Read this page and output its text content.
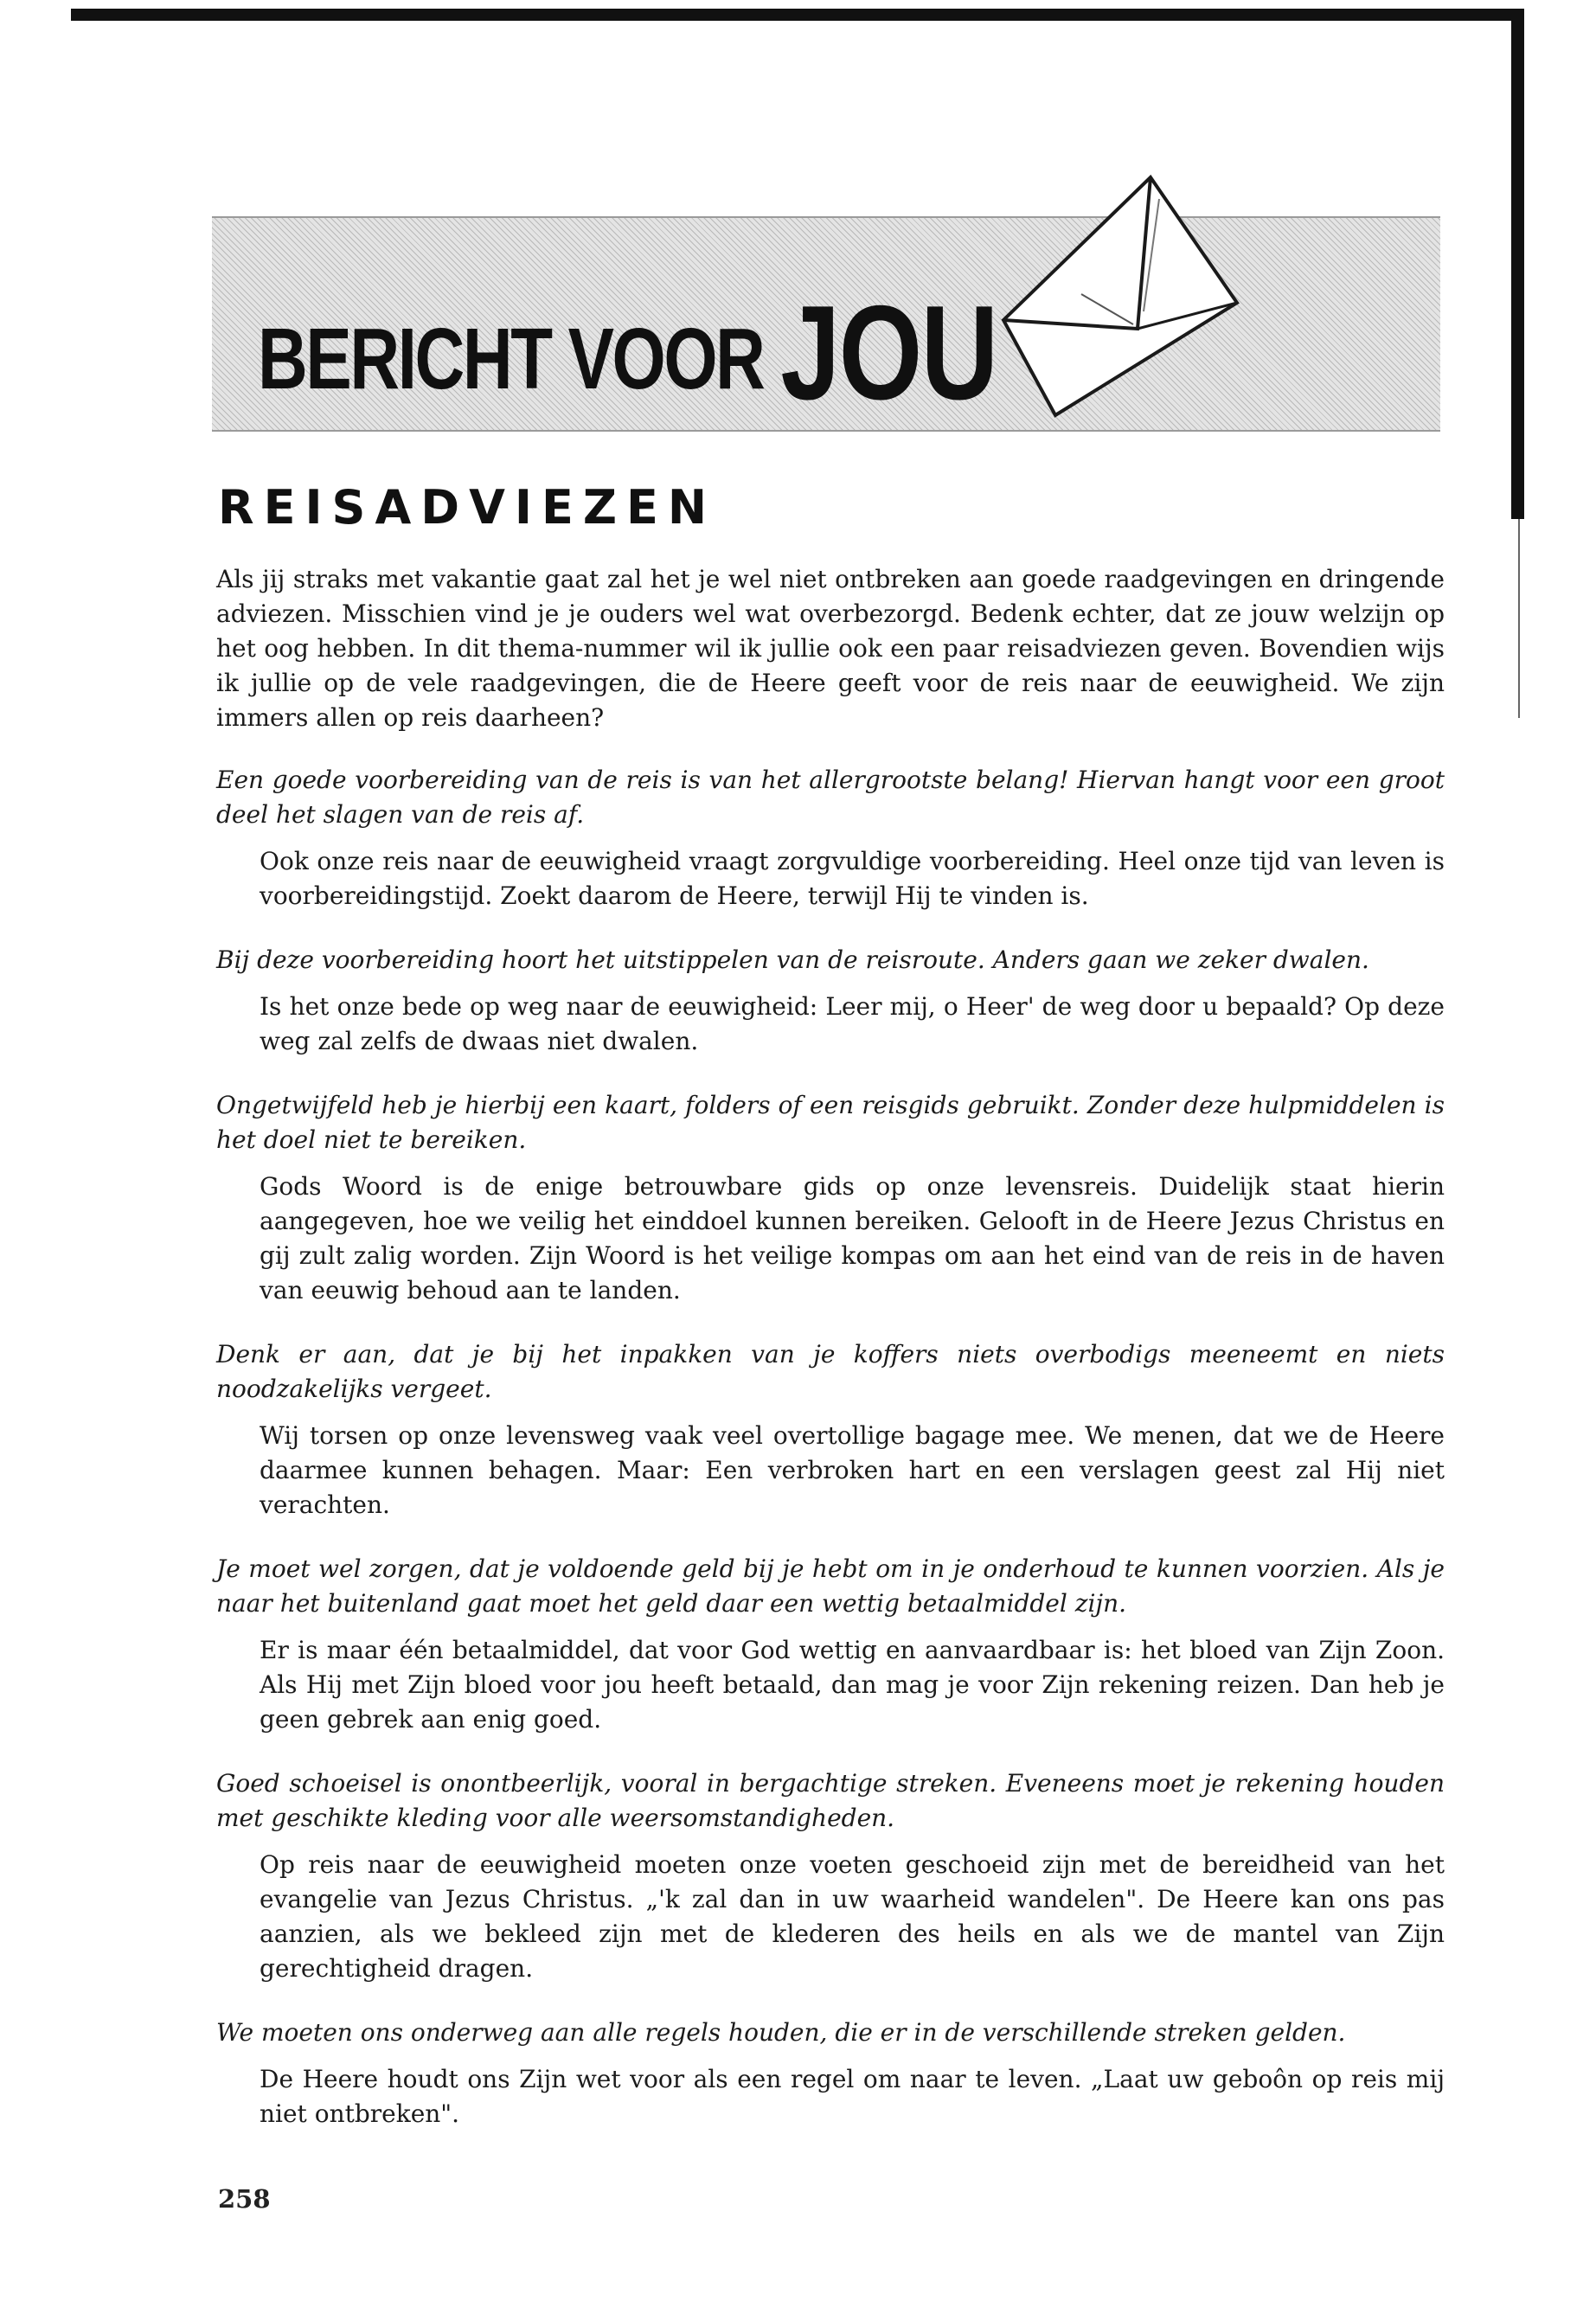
BERICHT VOOR JOU

REISADVIEZEN

Als jij straks met vakantie gaat zal het je wel niet ontbreken aan goede raadgevingen en dringende adviezen. Misschien vind je je ouders wel wat overbezorgd. Bedenk echter, dat ze jouw welzijn op het oog hebben. In dit thema-nummer wil ik jullie ook een paar reisadviezen geven. Bovendien wijs ik jullie op de vele raadgevingen, die de Heere geeft voor de reis naar de eeuwigheid. We zijn immers allen op reis daarheen?

Een goede voorbereiding van de reis is van het allergrootste belang! Hiervan hangt voor een groot deel het slagen van de reis af.

Ook onze reis naar de eeuwigheid vraagt zorgvuldige voorbereiding. Heel onze tijd van leven is voorbereidingstijd. Zoekt daarom de Heere, terwijl Hij te vinden is.

Bij deze voorbereiding hoort het uitstippelen van de reisroute. Anders gaan we zeker dwalen.

Is het onze bede op weg naar de eeuwigheid: Leer mij, o Heer' de weg door u bepaald? Op deze weg zal zelfs de dwaas niet dwalen.

Ongetwijfeld heb je hierbij een kaart, folders of een reisgids gebruikt. Zonder deze hulpmiddelen is het doel niet te bereiken.

Gods Woord is de enige betrouwbare gids op onze levensreis. Duidelijk staat hierin aangegeven, hoe we veilig het einddoel kunnen bereiken. Gelooft in de Heere Jezus Christus en gij zult zalig worden. Zijn Woord is het veilige kompas om aan het eind van de reis in de haven van eeuwig behoud aan te landen.

Denk er aan, dat je bij het inpakken van je koffers niets overbodigs meeneemt en niets noodzakelijks vergeet.

Wij torsen op onze levensweg vaak veel overtollige bagage mee. We menen, dat we de Heere daarmee kunnen behagen. Maar: Een verbroken hart en een verslagen geest zal Hij niet verachten.

Je moet wel zorgen, dat je voldoende geld bij je hebt om in je onderhoud te kunnen voorzien. Als je naar het buitenland gaat moet het geld daar een wettig betaalmiddel zijn.

Er is maar één betaalmiddel, dat voor God wettig en aanvaardbaar is: het bloed van Zijn Zoon. Als Hij met Zijn bloed voor jou heeft betaald, dan mag je voor Zijn rekening reizen. Dan heb je geen gebrek aan enig goed.

Goed schoeisel is onontbeerlijk, vooral in bergachtige streken. Eveneens moet je rekening houden met geschikte kleding voor alle weersomstandigheden.

Op reis naar de eeuwigheid moeten onze voeten geschoeid zijn met de bereidheid van het evangelie van Jezus Christus. „'k zal dan in uw waarheid wandelen". De Heere kan ons pas aanzien, als we bekleed zijn met de klederen des heils en als we de mantel van Zijn gerechtigheid dragen.

We moeten ons onderweg aan alle regels houden, die er in de verschillende streken gelden.

De Heere houdt ons Zijn wet voor als een regel om naar te leven. „Laat uw geboôn op reis mij niet ontbreken".

258
